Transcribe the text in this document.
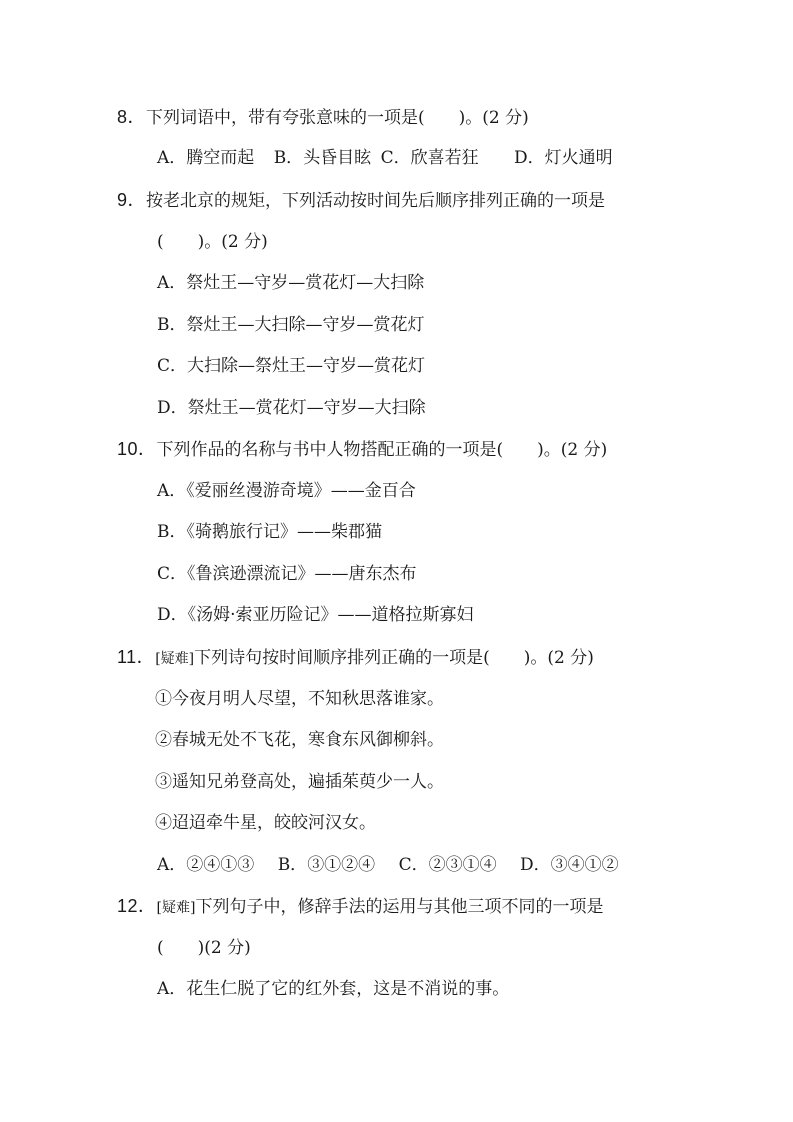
8．下列词语中，带有夸张意味的一项是(　　)。(2 分)
A．腾空而起 B．头昏目眩 C．欣喜若狂 D．灯火通明
9．按老北京的规矩，下列活动按时间先后顺序排列正确的一项是
(　　)。(2 分)
A．祭灶王—守岁—赏花灯—大扫除
B．祭灶王—大扫除—守岁—赏花灯
C．大扫除—祭灶王—守岁—赏花灯
D．祭灶王—赏花灯—守岁—大扫除
10．下列作品的名称与书中人物搭配正确的一项是(　　)。(2 分)
A．《爱丽丝漫游奇境》——金百合
B．《骑鹅旅行记》——柴郡猫
C．《鲁滨逊漂流记》——唐东杰布
D．《汤姆·索亚历险记》——道格拉斯寡妇
11．[疑难]下列诗句按时间顺序排列正确的一项是(　　)。(2 分)
①今夜月明人尽望，不知秋思落谁家。
②春城无处不飞花，寒食东风御柳斜。
③遥知兄弟登高处，遍插茱萸少一人。
④迢迢牵牛星，皎皎河汉女。
A．②④①③ B．③①②④ C．②③①④ D．③④①②
12．[疑难]下列句子中，修辞手法的运用与其他三项不同的一项是
(　　)(2 分)
A．花生仁脱了它的红外套，这是不消说的事。
